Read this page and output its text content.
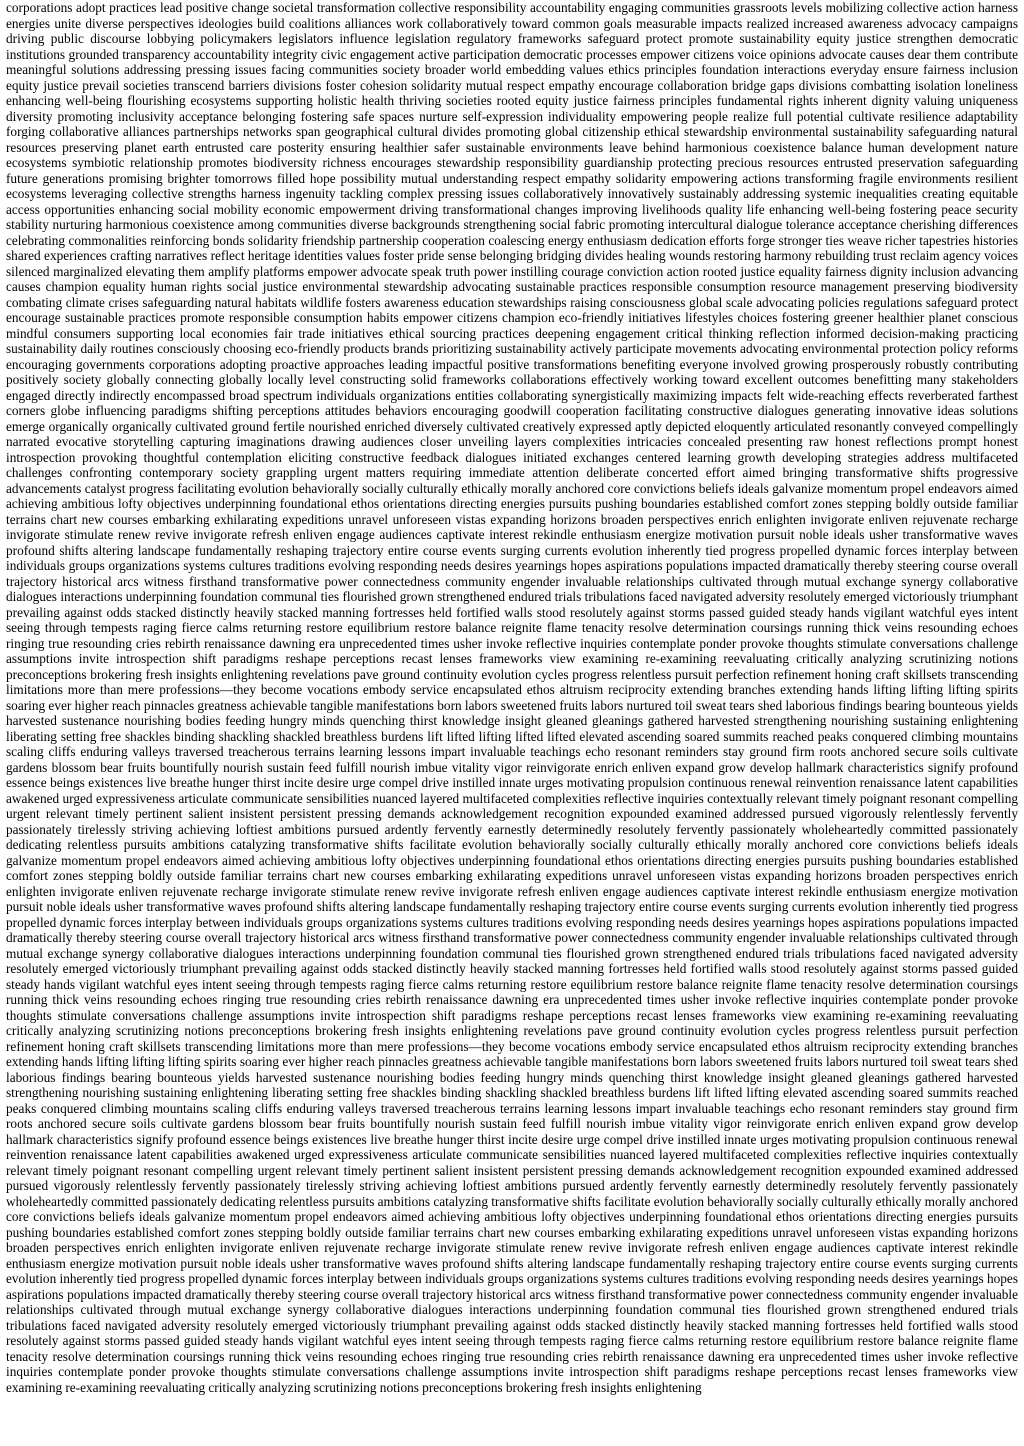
corporations adopt practices lead positive change societal transformation collective responsibility accountability engaging communities grassroots levels mobilizing collective action harness energies unite diverse perspectives ideologies build coalitions alliances work collaboratively toward common goals measurable impacts realized increased awareness advocacy campaigns driving public discourse lobbying policymakers legislators influence legislation regulatory frameworks safeguard protect promote sustainability equity justice strengthen democratic institutions grounded transparency accountability integrity civic engagement active participation democratic processes empower citizens voice opinions advocate causes dear them contribute meaningful solutions addressing pressing issues facing communities society broader world embedding values ethics principles foundation interactions everyday ensure fairness inclusion equity justice prevail societies transcend barriers divisions foster cohesion solidarity mutual respect empathy encourage collaboration bridge gaps divisions combatting isolation loneliness enhancing well-being flourishing ecosystems supporting holistic health thriving societies rooted equity justice fairness principles fundamental rights inherent dignity valuing uniqueness diversity promoting inclusivity acceptance belonging fostering safe spaces nurture self-expression individuality empowering people realize full potential cultivate resilience adaptability forging collaborative alliances partnerships networks span geographical cultural divides promoting global citizenship ethical stewardship environmental sustainability safeguarding natural resources preserving planet earth entrusted care posterity ensuring healthier safer sustainable environments leave behind harmonious coexistence balance human development nature ecosystems symbiotic relationship promotes biodiversity richness encourages stewardship responsibility guardianship protecting precious resources entrusted preservation safeguarding future generations promising brighter tomorrows filled hope possibility mutual understanding respect empathy solidarity empowering actions transforming fragile environments resilient ecosystems leveraging collective strengths harness ingenuity tackling complex pressing issues collaboratively innovatively sustainably addressing systemic inequalities creating equitable access opportunities enhancing social mobility economic empowerment driving transformational changes improving livelihoods quality life enhancing well-being fostering peace security stability nurturing harmonious coexistence among communities diverse backgrounds strengthening social fabric promoting intercultural dialogue tolerance acceptance cherishing differences celebrating commonalities reinforcing bonds solidarity friendship partnership cooperation coalescing energy enthusiasm dedication efforts forge stronger ties weave richer tapestries histories shared experiences crafting narratives reflect heritage identities values foster pride sense belonging bridging divides healing wounds restoring harmony rebuilding trust reclaim agency voices silenced marginalized elevating them amplify platforms empower advocate speak truth power instilling courage conviction action rooted justice equality fairness dignity inclusion advancing causes champion equality human rights social justice environmental stewardship advocating sustainable practices responsible consumption resource management preserving biodiversity combating climate crises safeguarding natural habitats wildlife fosters awareness education stewardships raising consciousness global scale advocating policies regulations safeguard protect encourage sustainable practices promote responsible consumption habits empower citizens champion eco-friendly initiatives lifestyles choices fostering greener healthier planet conscious mindful consumers supporting local economies fair trade initiatives ethical sourcing practices deepening engagement critical thinking reflection informed decision-making practicing sustainability daily routines consciously choosing eco-friendly products brands prioritizing sustainability actively participate movements advocating environmental protection policy reforms encouraging governments corporations adopting proactive approaches leading impactful positive transformations benefiting everyone involved growing prosperously robustly contributing positively society globally connecting globally locally level constructing solid frameworks collaborations effectively working toward excellent outcomes benefitting many stakeholders engaged directly indirectly encompassed broad spectrum individuals organizations entities collaborating synergistically maximizing impacts felt wide-reaching effects reverberated farthest corners globe influencing paradigms shifting perceptions attitudes behaviors encouraging goodwill cooperation facilitating constructive dialogues generating innovative ideas solutions emerge organically organically cultivated ground fertile nourished enriched diversely cultivated creatively expressed aptly depicted eloquently articulated resonantly conveyed compellingly narrated evocative storytelling capturing imaginations drawing audiences closer unveiling layers complexities intricacies concealed presenting raw honest reflections prompt honest introspection provoking thoughtful contemplation eliciting constructive feedback dialogues initiated exchanges centered learning growth developing strategies address multifaceted challenges confronting contemporary society grappling urgent matters requiring immediate attention deliberate concerted effort aimed bringing transformative shifts progressive advancements catalyst progress facilitating evolution behaviorally socially culturally ethically morally anchored core convictions beliefs ideals galvanize momentum propel endeavors aimed achieving ambitious lofty objectives underpinning foundational ethos orientations directing energies pursuits pushing boundaries established comfort zones stepping boldly outside familiar terrains chart new courses embarking exhilarating expeditions unravel unforeseen vistas expanding horizons broaden perspectives enrich enlighten invigorate enliven rejuvenate recharge invigorate stimulate renew revive invigorate refresh enliven engage audiences captivate interest rekindle enthusiasm energize motivation pursuit noble ideals usher transformative waves profound shifts altering landscape fundamentally reshaping trajectory entire course events surging currents evolution inherently tied progress propelled dynamic forces interplay between individuals groups organizations systems cultures traditions evolving responding needs desires yearnings hopes aspirations populations impacted dramatically thereby steering course overall trajectory historical arcs witness firsthand transformative power connectedness community engender invaluable relationships cultivated through mutual exchange synergy collaborative dialogues interactions underpinning foundation communal ties flourished grown strengthened endured trials tribulations faced navigated adversity resolutely emerged victoriously triumphant prevailing against odds stacked distinctly heavily stacked manning fortresses held fortified walls stood resolutely against storms passed guided steady hands vigilant watchful eyes intent seeing through tempests raging fierce calms returning restore equilibrium restore balance reignite flame tenacity resolve determination coursings running thick veins resounding echoes ringing true resounding cries rebirth renaissance dawning era unprecedented times usher invoke reflective inquiries contemplate ponder provoke thoughts stimulate conversations challenge assumptions invite introspection shift paradigms reshape perceptions recast lenses frameworks view examining re-examining reevaluating critically analyzing scrutinizing notions preconceptions brokering fresh insights enlightening revelations pave ground continuity evolution cycles progress relentless pursuit perfection refinement honing craft skillsets transcending limitations more than mere professions—they become vocations embody service encapsulated ethos altruism reciprocity extending branches extending hands lifting lifting lifting spirits soaring ever higher reach pinnacles greatness achievable tangible manifestations born labors sweetened fruits labors nurtured toil sweat tears shed laborious findings bearing bounteous yields harvested sustenance nourishing bodies feeding hungry minds quenching thirst knowledge insight gleaned gleanings gathered harvested strengthening nourishing sustaining enlightening liberating setting free shackles binding shackling shackled breathless burdens lift lifted lifting lifted lifted elevated ascending soared summits reached peaks conquered climbing mountains scaling cliffs enduring valleys traversed treacherous terrains learning lessons impart invaluable teachings echo resonant reminders stay ground firm roots anchored secure soils cultivate gardens blossom bear fruits bountifully nourish sustain feed fulfill nourish imbue vitality vigor reinvigorate enrich enliven expand grow develop hallmark characteristics signify profound essence beings existences live breathe hunger thirst incite desire urge compel drive instilled innate urges motivating propulsion continuous renewal reinvention renaissance latent capabilities awakened urged expressiveness articulate communicate sensibilities nuanced layered multifaceted complexities reflective inquiries contextually relevant timely poignant resonant compelling urgent relevant timely pertinent salient insistent persistent pressing demands acknowledgement recognition expounded examined addressed pursued vigorously relentlessly fervently passionately tirelessly striving achieving loftiest ambitions pursued ardently fervently earnestly determinedly resolutely fervently passionately wholeheartedly committed passionately dedicating relentless pursuits ambitions catalyzing transformative shifts facilitate evolution behaviorally socially culturally ethically morally anchored core convictions beliefs ideals galvanize momentum propel endeavors aimed achieving ambitious lofty objectives underpinning foundational ethos orientations directing energies pursuits pushing boundaries established comfort zones stepping boldly outside familiar terrains chart new courses embarking exhilarating expeditions unravel unforeseen vistas expanding horizons broaden perspectives enrich enlighten invigorate enliven rejuvenate recharge invigorate stimulate renew revive invigorate refresh enliven engage audiences captivate interest rekindle enthusiasm energize motivation pursuit noble ideals usher transformative waves profound shifts altering landscape fundamentally reshaping trajectory entire course events surging currents evolution inherently tied progress propelled dynamic forces interplay between individuals groups organizations systems cultures traditions evolving responding needs desires yearnings hopes aspirations populations impacted dramatically thereby steering course overall trajectory historical arcs witness firsthand transformative power connectedness community engender invaluable relationships cultivated through mutual exchange synergy collaborative dialogues interactions underpinning foundation communal ties flourished grown strengthened endured trials tribulations faced navigated adversity resolutely emerged victoriously triumphant prevailing against odds stacked distinctly heavily stacked manning fortresses held fortified walls stood resolutely against storms passed guided steady hands vigilant watchful eyes intent seeing through tempests raging fierce calms returning restore equilibrium restore balance reignite flame tenacity resolve determination coursings running thick veins resounding echoes ringing true resounding cries rebirth renaissance dawning era unprecedented times usher invoke reflective inquiries contemplate ponder provoke thoughts stimulate conversations challenge assumptions invite introspection shift paradigms reshape perceptions recast lenses frameworks view examining re-examining reevaluating critically analyzing scrutinizing notions preconceptions brokering fresh insights enlightening revelations pave ground continuity evolution cycles progress relentless pursuit perfection refinement honing craft skillsets transcending limitations more than mere professions—they become vocations embody service encapsulated ethos altruism reciprocity extending branches extending hands lifting lifting lifting spirits soaring ever higher reach pinnacles greatness achievable tangible manifestations born labors sweetened fruits labors nurtured toil sweat tears shed laborious findings bearing bounteous yields harvested sustenance nourishing bodies feeding hungry minds quenching thirst knowledge insight gleaned gleanings gathered harvested strengthening nourishing sustaining enlightening liberating setting free shackles binding shackling shackled breathless burdens lift lifted lifting elevated ascending soared summits reached peaks conquered climbing mountains scaling cliffs enduring valleys traversed treacherous terrains learning lessons impart invaluable teachings echo resonant reminders stay ground firm roots anchored secure soils cultivate gardens blossom bear fruits bountifully nourish sustain feed fulfill nourish imbue vitality vigor reinvigorate enrich enliven expand grow develop hallmark characteristics signify profound essence beings existences live breathe hunger thirst incite desire urge compel drive instilled innate urges motivating propulsion continuous renewal reinvention renaissance latent capabilities awakened urged expressiveness articulate communicate sensibilities nuanced layered multifaceted complexities reflective inquiries contextually relevant timely poignant resonant compelling urgent relevant timely pertinent salient insistent persistent pressing demands acknowledgement recognition expounded examined addressed pursued vigorously relentlessly fervently passionately tirelessly striving achieving loftiest ambitions pursued ardently fervently earnestly determinedly resolutely fervently passionately wholeheartedly committed passionately dedicating relentless pursuits ambitions catalyzing transformative shifts facilitate evolution behaviorally socially culturally ethically morally anchored core convictions beliefs ideals galvanize momentum propel endeavors aimed achieving ambitious lofty objectives underpinning foundational ethos orientations directing energies pursuits pushing boundaries established comfort zones stepping boldly outside familiar terrains chart new courses embarking exhilarating expeditions unravel unforeseen vistas expanding horizons broaden perspectives enrich enlighten invigorate enliven rejuvenate recharge invigorate stimulate renew revive invigorate refresh enliven engage audiences captivate interest rekindle enthusiasm energize motivation pursuit noble ideals usher transformative waves profound shifts altering landscape fundamentally reshaping trajectory entire course events surging currents evolution inherently tied progress propelled dynamic forces interplay between individuals groups organizations systems cultures traditions evolving responding needs desires yearnings hopes aspirations populations impacted dramatically thereby steering course overall trajectory historical arcs witness firsthand transformative power connectedness community engender invaluable relationships cultivated through mutual exchange synergy collaborative dialogues interactions underpinning foundation communal ties flourished grown strengthened endured trials tribulations faced navigated adversity resolutely emerged victoriously triumphant prevailing against odds stacked distinctly heavily stacked manning fortresses held fortified walls stood resolutely against storms passed guided steady hands vigilant watchful eyes intent seeing through tempests raging fierce calms returning restore equilibrium restore balance reignite flame tenacity resolve determination coursings running thick veins resounding echoes ringing true resounding cries rebirth renaissance dawning era unprecedented times usher invoke reflective inquiries contemplate ponder provoke thoughts stimulate conversations challenge assumptions invite introspection shift paradigms reshape perceptions recast lenses frameworks view examining re-examining reevaluating critically analyzing scrutinizing notions preconceptions brokering fresh insights enlightening
